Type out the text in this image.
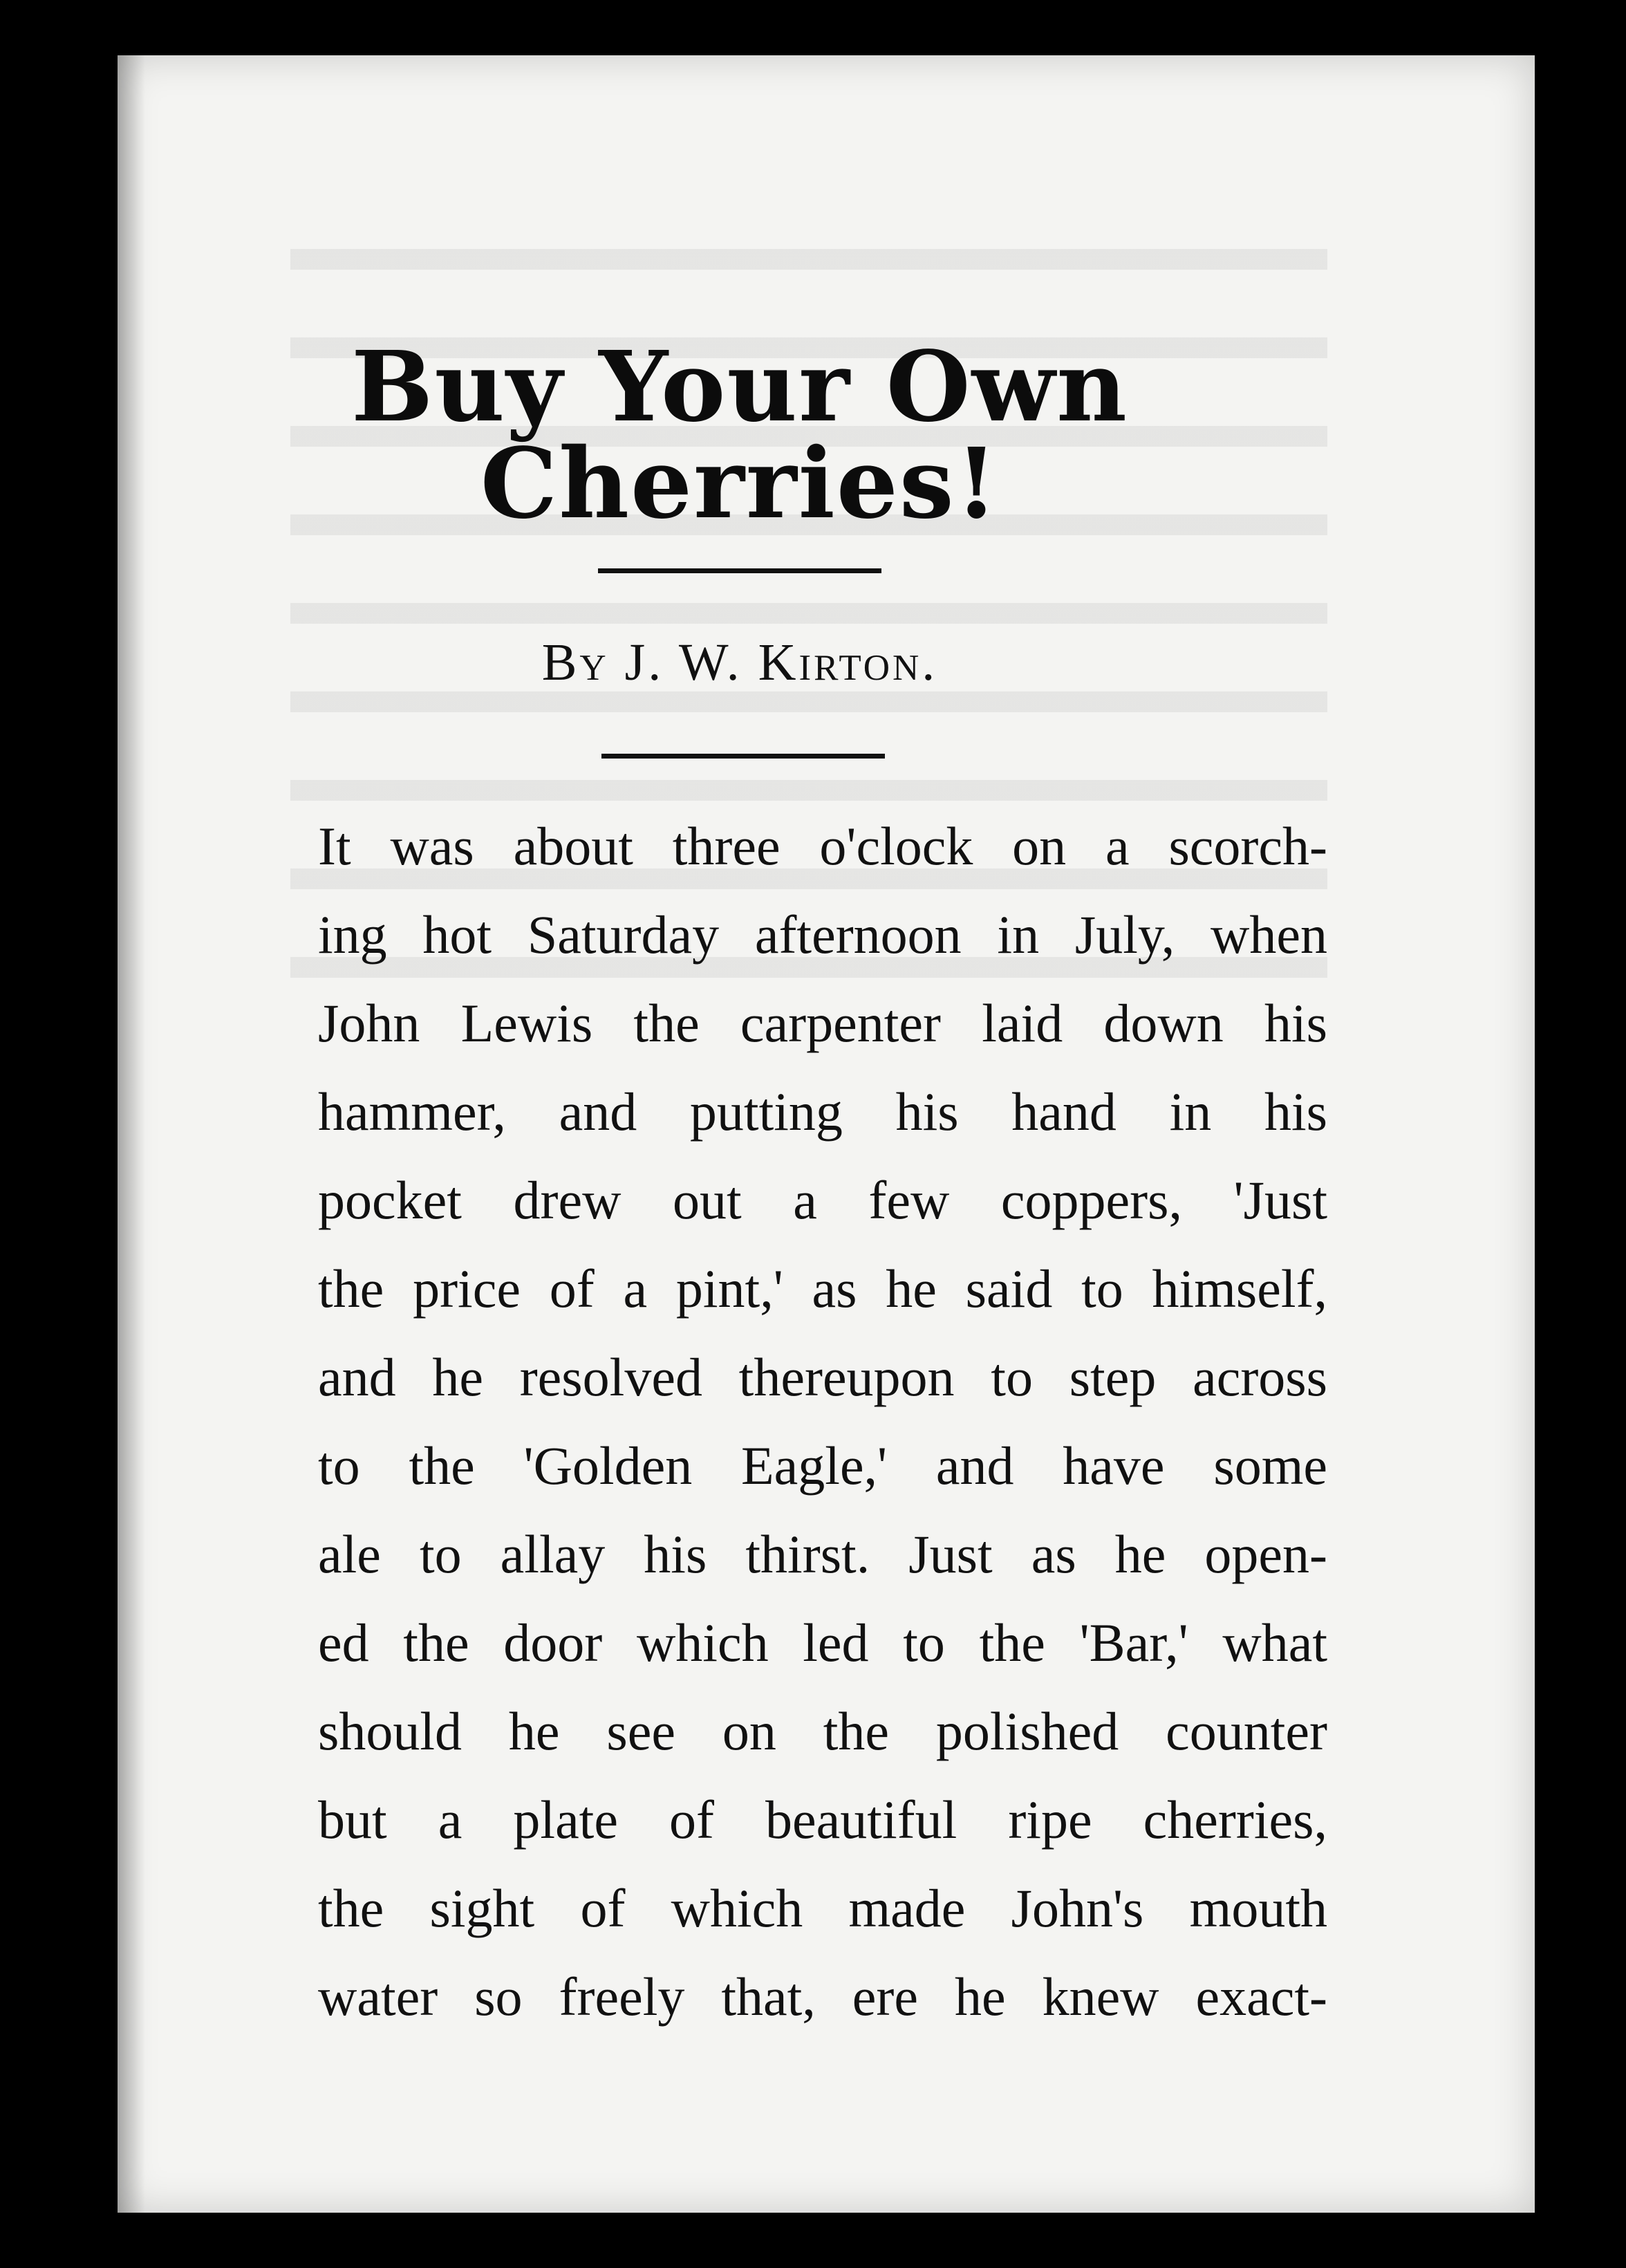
Buy Your Own Cherries!
By J. W. Kirton.
It was about three o'clock on a scorch-
ing hot Saturday afternoon in July, when
John Lewis the carpenter laid down his
hammer, and putting his hand in his
pocket drew out a few coppers, 'Just
the price of a pint,' as he said to himself,
and he resolved thereupon to step across
to the 'Golden Eagle,' and have some
ale to allay his thirst. Just as he open-
ed the door which led to the 'Bar,' what
should he see on the polished counter
but a plate of beautiful ripe cherries,
the sight of which made John's mouth
water so freely that, ere he knew exact-
